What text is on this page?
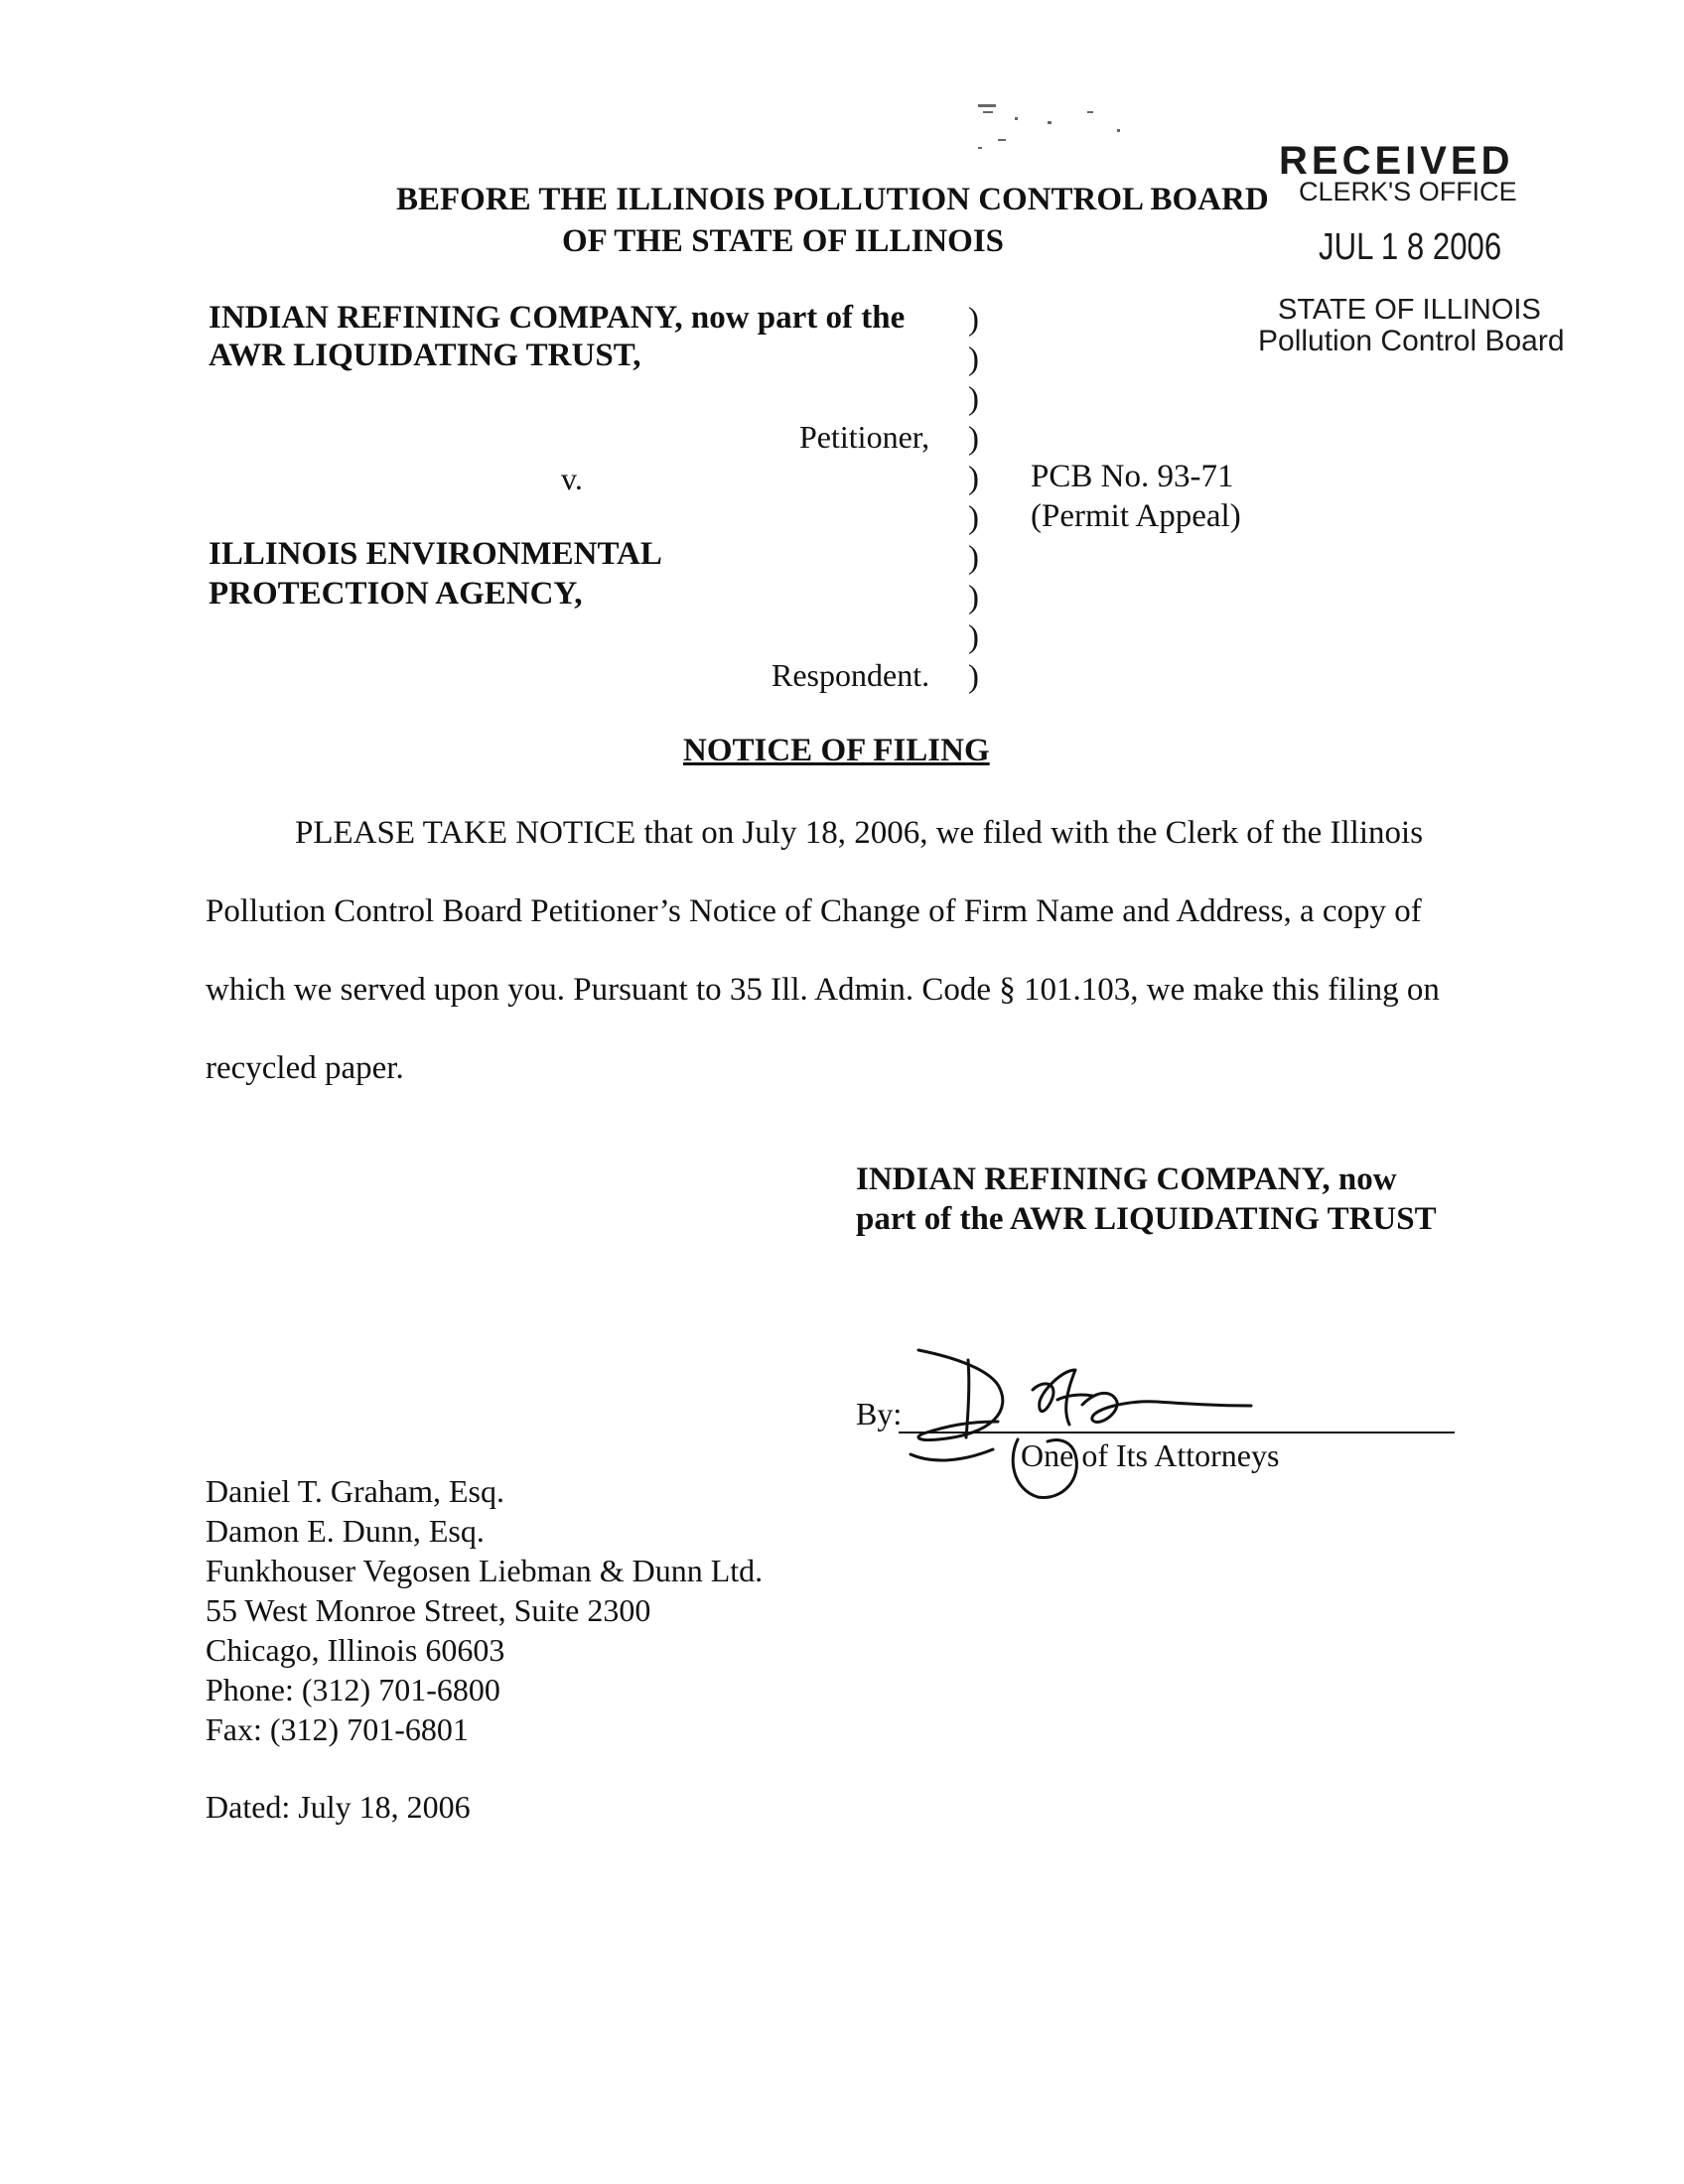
RECEIVED
CLERK'S OFFICE
JUL 1 8 2006
STATE OF ILLINOIS
Pollution Control Board
BEFORE THE ILLINOIS POLLUTION CONTROL BOARD
OF THE STATE OF ILLINOIS
INDIAN REFINING COMPANY, now part of the
AWR LIQUIDATING TRUST,
Petitioner,
v.
ILLINOIS ENVIRONMENTAL
PROTECTION AGENCY,
Respondent.
)
)
)
)
)
)
)
)
)
)
PCB No. 93-71
(Permit Appeal)
NOTICE OF FILING
PLEASE TAKE NOTICE that on July 18, 2006, we filed with the Clerk of the Illinois Pollution Control Board Petitioner’s Notice of Change of Firm Name and Address, a copy of which we served upon you. Pursuant to 35 Ill. Admin. Code § 101.103, we make this filing on recycled paper.
INDIAN REFINING COMPANY, now
part of the AWR LIQUIDATING TRUST
By:
One of Its Attorneys
Daniel T. Graham, Esq.
Damon E. Dunn, Esq.
Funkhouser Vegosen Liebman & Dunn Ltd.
55 West Monroe Street, Suite 2300
Chicago, Illinois 60603
Phone: (312) 701-6800
Fax: (312) 701-6801
Dated: July 18, 2006
